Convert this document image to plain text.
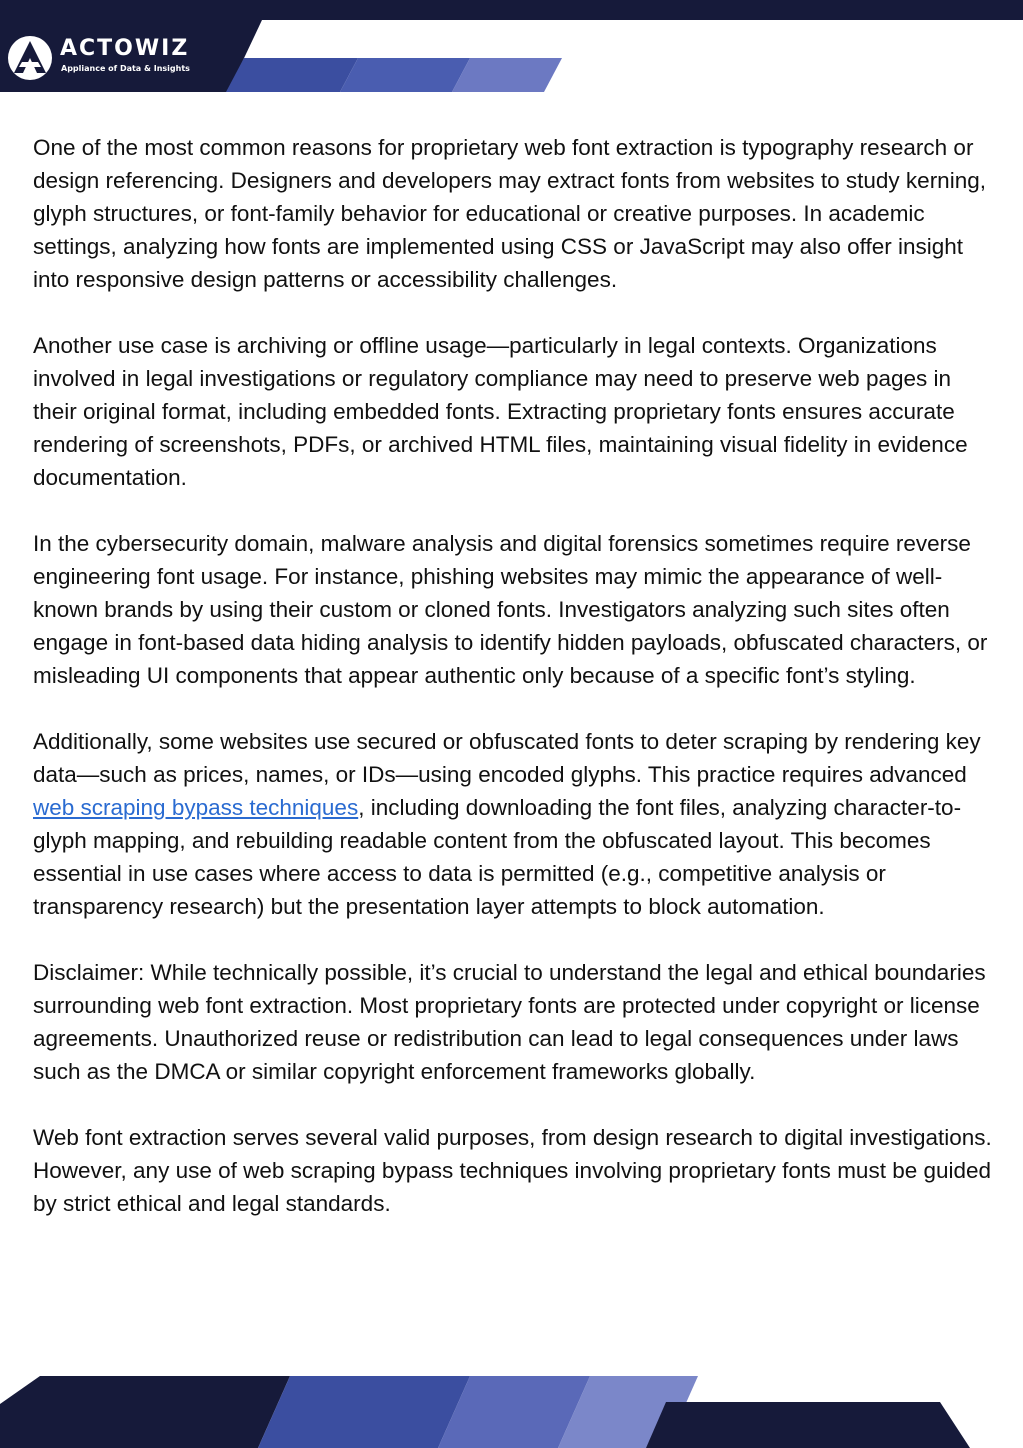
ACTOWIZ
Appliance of Data & Insights

One of the most common reasons for proprietary web font extraction is typography research or design referencing. Designers and developers may extract fonts from websites to study kerning, glyph structures, or font-family behavior for educational or creative purposes. In academic settings, analyzing how fonts are implemented using CSS or JavaScript may also offer insight into responsive design patterns or accessibility challenges.

Another use case is archiving or offline usage—particularly in legal contexts. Organizations involved in legal investigations or regulatory compliance may need to preserve web pages in their original format, including embedded fonts. Extracting proprietary fonts ensures accurate rendering of screenshots, PDFs, or archived HTML files, maintaining visual fidelity in evidence documentation.

In the cybersecurity domain, malware analysis and digital forensics sometimes require reverse engineering font usage. For instance, phishing websites may mimic the appearance of well-known brands by using their custom or cloned fonts. Investigators analyzing such sites often engage in font-based data hiding analysis to identify hidden payloads, obfuscated characters, or misleading UI components that appear authentic only because of a specific font’s styling.

Additionally, some websites use secured or obfuscated fonts to deter scraping by rendering key data—such as prices, names, or IDs—using encoded glyphs. This practice requires advanced web scraping bypass techniques, including downloading the font files, analyzing character-to-glyph mapping, and rebuilding readable content from the obfuscated layout. This becomes essential in use cases where access to data is permitted (e.g., competitive analysis or transparency research) but the presentation layer attempts to block automation.

Disclaimer: While technically possible, it’s crucial to understand the legal and ethical boundaries surrounding web font extraction. Most proprietary fonts are protected under copyright or license agreements. Unauthorized reuse or redistribution can lead to legal consequences under laws such as the DMCA or similar copyright enforcement frameworks globally.

Web font extraction serves several valid purposes, from design research to digital investigations. However, any use of web scraping bypass techniques involving proprietary fonts must be guided by strict ethical and legal standards.
